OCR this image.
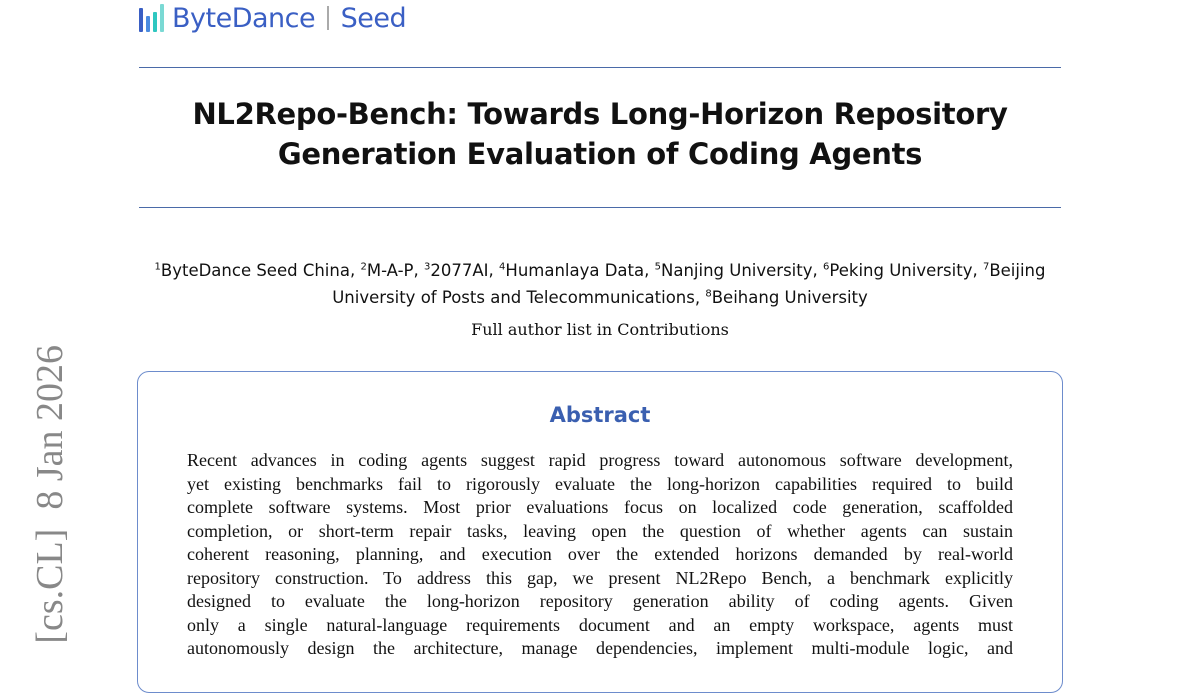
ByteDance Seed
NL2Repo-Bench: Towards Long-Horizon Repository
Generation Evaluation of Coding Agents
$^1$ByteDance Seed China, $^2$M-A-P, $^3$2077AI, $^4$Humanlaya Data, $^5$Nanjing University, $^6$Peking University, $^7$Beijing University of Posts and Telecommunications, $^8$Beihang University
Full author list in Contributions
Abstract
Recent advances in coding agents suggest rapid progress toward autonomous software development,
yet existing benchmarks fail to rigorously evaluate the long-horizon capabilities required to build
complete software systems. Most prior evaluations focus on localized code generation, scaffolded
completion, or short-term repair tasks, leaving open the question of whether agents can sustain
coherent reasoning, planning, and execution over the extended horizons demanded by real-world
repository construction. To address this gap, we present NL2Repo Bench, a benchmark explicitly
designed to evaluate the long-horizon repository generation ability of coding agents. Given
only a single natural-language requirements document and an empty workspace, agents must
autonomously design the architecture, manage dependencies, implement multi-module logic, and
[cs.CL]  8 Jan 2026
